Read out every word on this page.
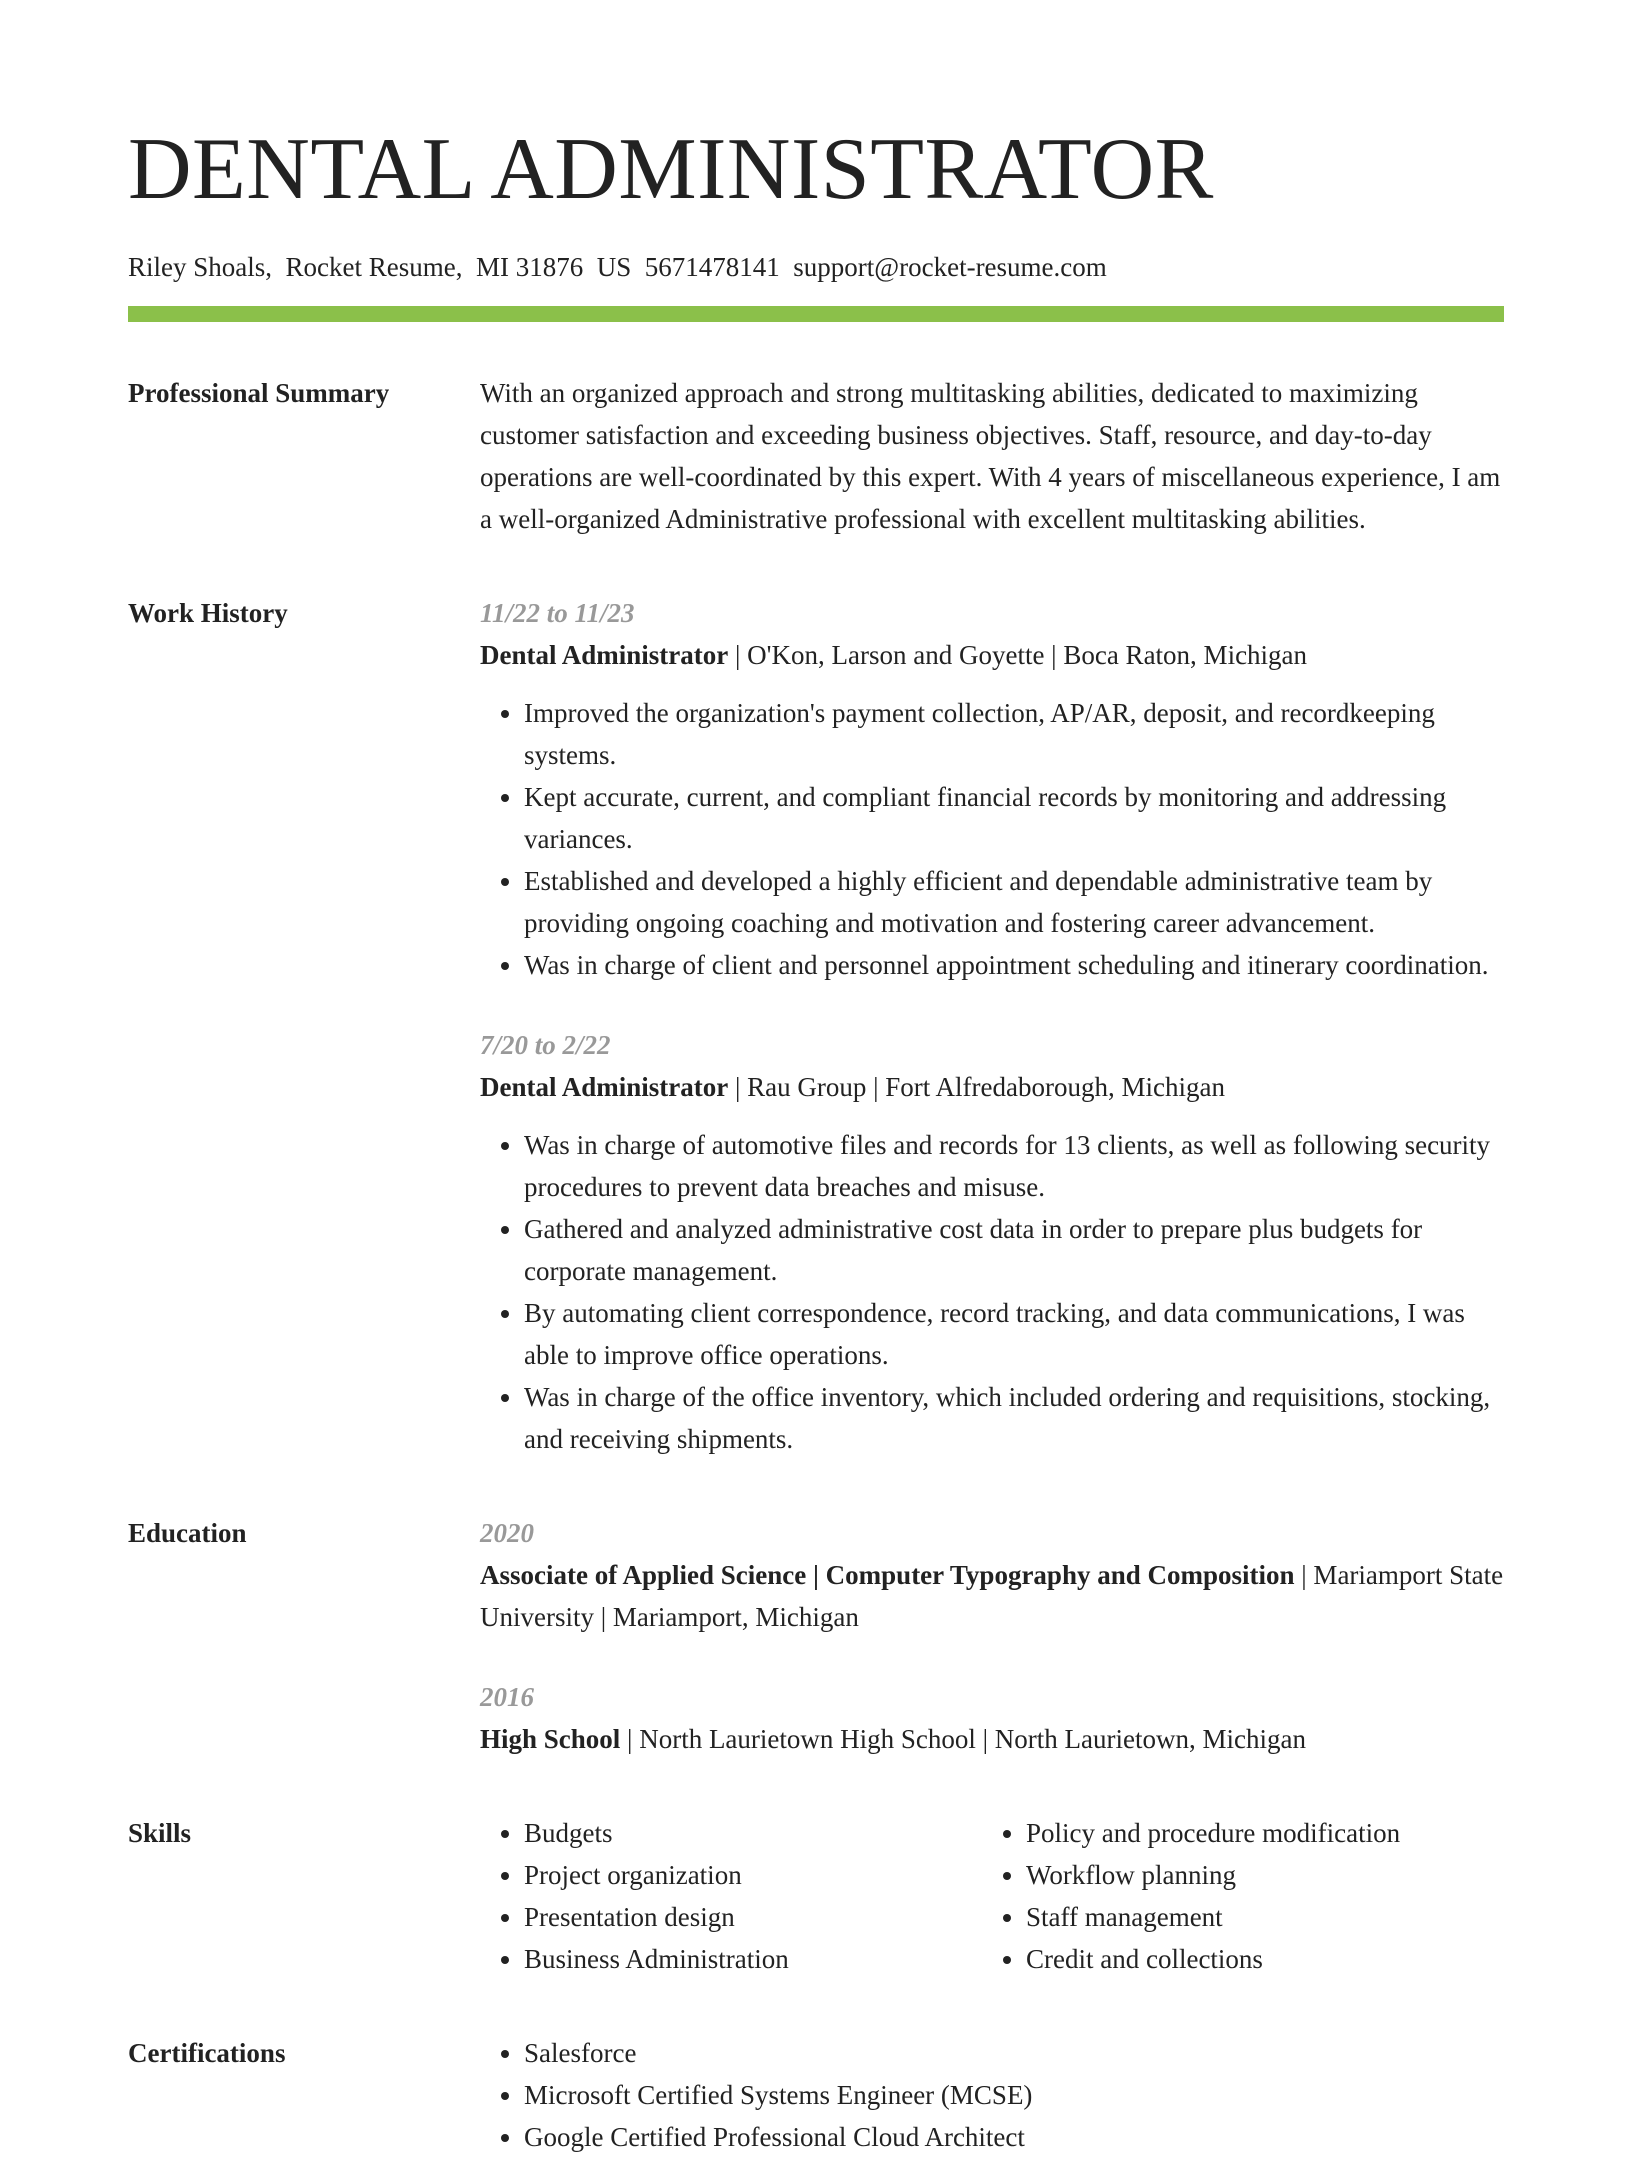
DENTAL ADMINISTRATOR
Riley Shoals, Rocket Resume, MI 31876 US 5671478141 support@rocket-resume.com
Professional Summary	With an organized approach and strong multitasking abilities, dedicated to maximizing customer satisfaction and exceeding business objectives. Staff, resource, and day-to-day operations are well-coordinated by this expert. With 4 years of miscellaneous experience, I am a well-organized Administrative professional with excellent multitasking abilities.

Work History	11/22 to 11/23
Dental Administrator | O'Kon, Larson and Goyette | Boca Raton, Michigan
• Improved the organization's payment collection, AP/AR, deposit, and recordkeeping systems.
• Kept accurate, current, and compliant financial records by monitoring and addressing variances.
• Established and developed a highly efficient and dependable administrative team by providing ongoing coaching and motivation and fostering career advancement.
• Was in charge of client and personnel appointment scheduling and itinerary coordination.
7/20 to 2/22
Dental Administrator | Rau Group | Fort Alfredaborough, Michigan
• Was in charge of automotive files and records for 13 clients, as well as following security procedures to prevent data breaches and misuse.
• Gathered and analyzed administrative cost data in order to prepare plus budgets for corporate management.
• By automating client correspondence, record tracking, and data communications, I was able to improve office operations.
• Was in charge of the office inventory, which included ordering and requisitions, stocking, and receiving shipments.
Education	2020
Associate of Applied Science | Computer Typography and Composition | Mariamport State University | Mariamport, Michigan
2016
High School | North Laurietown High School | North Laurietown, Michigan
Skills	• Budgets
• Project organization
• Presentation design
• Business Administration
• Policy and procedure modification
• Workflow planning
• Staff management
• Credit and collections
Certifications	• Salesforce
• Microsoft Certified Systems Engineer (MCSE)
• Google Certified Professional Cloud Architect
